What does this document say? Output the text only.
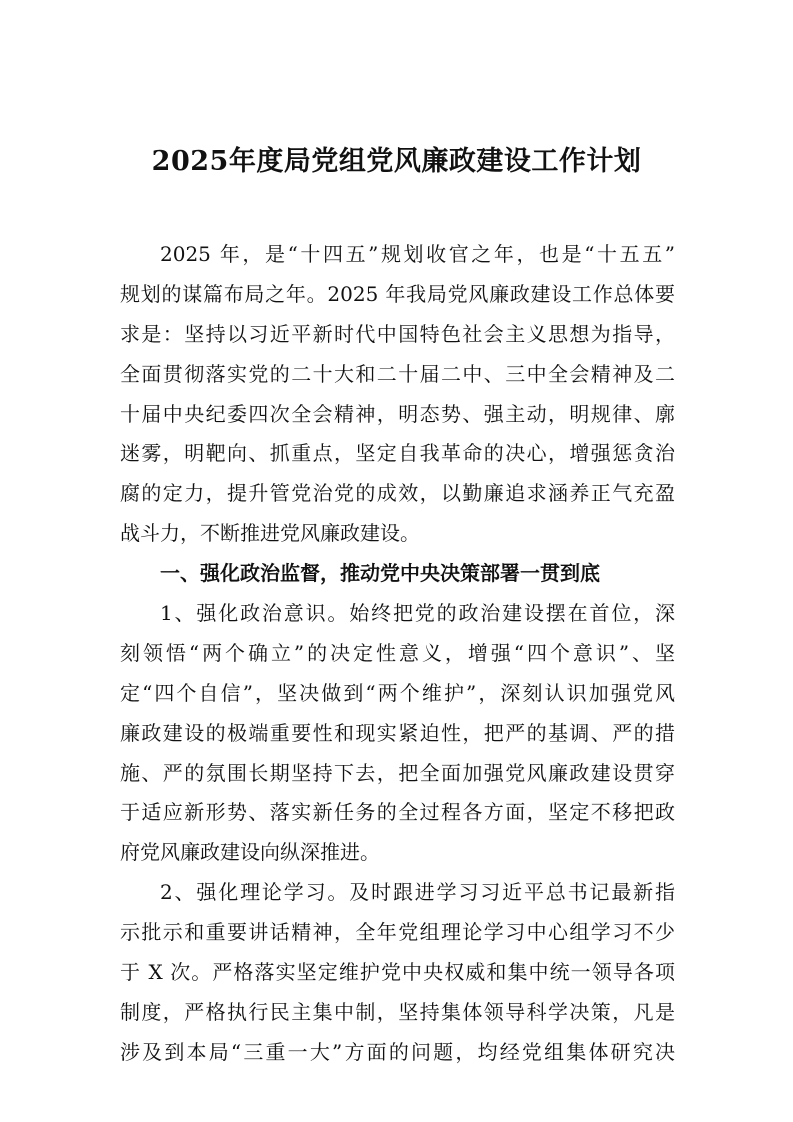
2025年度局党组党风廉政建设工作计划
2025 年，是“十四五”规划收官之年，也是“十五五”
规划的谋篇布局之年。2025 年我局党风廉政建设工作总体要
求是：坚持以习近平新时代中国特色社会主义思想为指导，
全面贯彻落实党的二十大和二十届二中、三中全会精神及二
十届中央纪委四次全会精神，明态势、强主动，明规律、廓
迷雾，明靶向、抓重点，坚定自我革命的决心，增强惩贪治
腐的定力，提升管党治党的成效，以勤廉追求涵养正气充盈
战斗力，不断推进党风廉政建设。
一、强化政治监督，推动党中央决策部署一贯到底
1、强化政治意识。始终把党的政治建设摆在首位，深
刻领悟“两个确立”的决定性意义，增强“四个意识”、坚
定“四个自信”，坚决做到“两个维护”，深刻认识加强党风
廉政建设的极端重要性和现实紧迫性，把严的基调、严的措
施、严的氛围长期坚持下去，把全面加强党风廉政建设贯穿
于适应新形势、落实新任务的全过程各方面，坚定不移把政
府党风廉政建设向纵深推进。
2、强化理论学习。及时跟进学习习近平总书记最新指
示批示和重要讲话精神，全年党组理论学习中心组学习不少
于 X 次。严格落实坚定维护党中央权威和集中统一领导各项
制度，严格执行民主集中制，坚持集体领导科学决策，凡是
涉及到本局“三重一大”方面的问题，均经党组集体研究决
